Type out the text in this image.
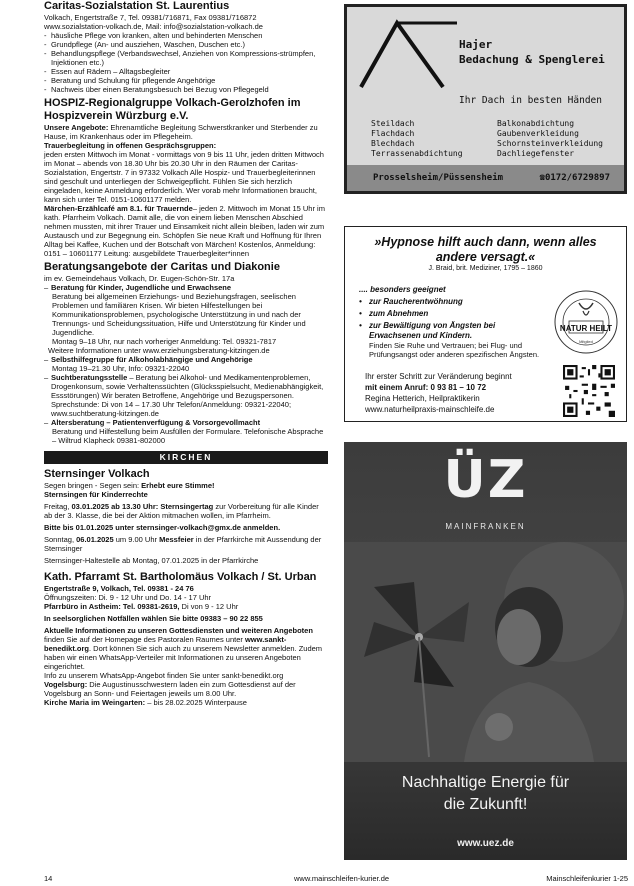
Caritas-Sozialstation St. Laurentius

Volkach, Engertstraße 7, Tel. 09381/716871, Fax 09381/716872

www.sozialstation-volkach.de, Mail: info@sozialstation-volkach.de

- häusliche Pflege von kranken, alten und behinderten Menschen
- Grundpflege (An- und ausziehen, Waschen, Duschen etc.)
- Behandlungspflege (Verbandswechsel, Anziehen von Kompressions-strümpfen, Injektionen etc.)
- Essen auf Rädern – Alltagsbegleiter
- Beratung und Schulung für pflegende Angehörige
- Nachweis über einen Beratungsbesuch bei Bezug von Pflegegeld
HOSPIZ-Regionalgruppe Volkach-Gerolzhofen im Hospizverein Würzburg e.V.

Unsere Angebote: Ehrenamtliche Begleitung Schwerstkranker und Sterbender zu Hause, im Krankenhaus oder im Pflegeheim.

Trauerbegleitung in offenen Gesprächsgruppen:

jeden ersten Mittwoch im Monat - vormittags von 9 bis 11 Uhr, jeden dritten Mittwoch im Monat – abends von 18.30 Uhr bis 20.30 Uhr in den Räumen der Caritas-Sozialstation, Engertstr. 7 in 97332 Volkach Alle Hospiz- und Trauerbegleiterinnen sind geschult und unterliegen der Schweigepflicht. Fühlen Sie sich herzlich eingeladen, keine Anmeldung erforderlich. Wer vorab mehr Informationen braucht, kann sich unter Tel. 0151-10601177 melden.

Märchen-Erzählcafé am 8.1. für Trauernde– jeden 2. Mittwoch im Monat 15 Uhr im kath. Pfarrheim Volkach. Damit alle, die von einem lieben Menschen Abschied nehmen mussten, mit ihrer Trauer und Einsamkeit nicht allein bleiben, laden wir zum Austausch und zur Begegnung ein. Schöpfen Sie neue Kraft und Hoffnung für Ihren Alltag bei Kaffee, Kuchen und der Botschaft von Märchen! Kostenlos, Anmeldung: 0151 – 10601177 Leitung: ausgebildete Trauerbegleiter*innen

Beratungsangebote der Caritas und Diakonie

im ev. Gemeindehaus Volkach, Dr. Eugen-Schön-Str. 17a

– Beratung für Kinder, Jugendliche und Erwachsene
Beratung bei allgemeinen Erziehungs- und Beziehungsfragen, seelischen Problemen und familiären Krisen. Wir bieten Hilfestellungen bei Kommunikationsproblemen, psychologische Unterstützung in und nach der Trennungs- und Scheidungssituation, Hilfe und Unterstützung für Kinder und Jugendliche.
Montag 9–18 Uhr, nur nach vorheriger Anmeldung: Tel. 09321-7817
Weitere Informationen unter www.erziehungsberatung-kitzingen.de
– Selbsthilfegruppe für Alkoholabhängige und Angehörige
Montag 19–21.30 Uhr, Info: 09321-22040
– Suchtberatungsstelle – Beratung bei Alkohol- und Medikamentenproblemen, Drogenkonsum, sowie Verhaltenssüchten (Glücksspielsucht, Medienabhängigkeit, Essstörungen) Wir beraten Betroffene, Angehörige und Bezugspersonen. Sprechstunde: Di von 14 – 17.30 Uhr Telefon/Anmeldung: 09321-22040; www.suchtberatung-kitzingen.de
– Altersberatung – Patientenverfügung & Vorsorgevollmacht
Beratung und Hilfestellung beim Ausfüllen der Formulare. Telefonische Absprache – Wiltrud Klapheck 09381-802000
KIRCHEN
Sternsinger Volkach

Segen bringen - Segen sein: Erhebt eure Stimme!

Sternsingen für Kinderrechte

Freitag, 03.01.2025 ab 13.30 Uhr: Sternsingertag zur Vorbereitung für alle Kinder ab der 3. Klasse, die bei der Aktion mitmachen wollen, im Pfarrheim.

Bitte bis 01.01.2025 unter sternsinger-volkach@gmx.de anmelden.

Sonntag, 06.01.2025 um 9.00 Uhr Messfeier in der Pfarrkirche mit Aussendung der Sternsinger

Sternsinger-Haltestelle ab Montag, 07.01.2025 in der Pfarrkirche

Kath. Pfarramt St. Bartholomäus Volkach / St. Urban

Engertstraße 9, Volkach, Tel. 09381 - 24 76

Öffnungszeiten: Di. 9 - 12 Uhr und Do. 14 - 17 Uhr

Pfarrbüro in Astheim: Tel. 09381-2619, Di von 9 - 12 Uhr

In seelsorglichen Notfällen wählen Sie bitte 09383 – 90 22 855

Aktuelle Informationen zu unseren Gottesdiensten und weiteren Angeboten finden Sie auf der Homepage des Pastoralen Raumes unter www.sankt-benedikt.org. Dort können Sie sich auch zu unserem Newsletter anmelden. Zudem haben wir einen WhatsApp-Verteiler mit Informationen zu unseren Angeboten eingerichtet.

Info zu unserem WhatsApp-Angebot finden Sie unter sankt-benedikt.org

Vogelsburg: Die Augustinusschwestern laden ein zum Gottesdienst auf der Vogelsburg an Sonn- und Feiertagen jeweils um 8.00 Uhr.

Kirche Maria im Weingarten: – bis 28.02.2025 Winterpause

Hajer
Bedachung & Spenglerei
Ihr Dach in besten Händen
Steildach
Flachdach
Blechdach
Terrassenabdichtung
Balkonabdichtung
Gaubenverkleidung
Schornsteinverkleidung
Dachliegefenster
Prosselsheim/Püssensheim	☎0172/6729897
»Hypnose hilft auch dann, wenn alles andere versagt.«
J. Braid, brit. Mediziner, 1795 – 1860
.... besonders geeignet
• zur Raucherentwöhnung
• zum Abnehmen
• zur Bewältigung von Ängsten bei Erwachsenen und Kindern.
Finden Sie Ruhe und Vertrauen; bei Flug- und Prüfungsangst oder anderen spezifischen Ängsten.
NATUR HEILT
Mitglied
Ihr erster Schritt zur Veränderung beginnt
mit einem Anruf: 0 93 81 – 10 72
Regina Hetterich, Heilpraktikerin
www.naturheilpraxis-mainschleife.de
ÜZ
MAINFRANKEN
Nachhaltige Energie für
die Zukunft!
www.uez.de
14	www.mainschleifen-kurier.de	Mainschleifenkurier 1-25
